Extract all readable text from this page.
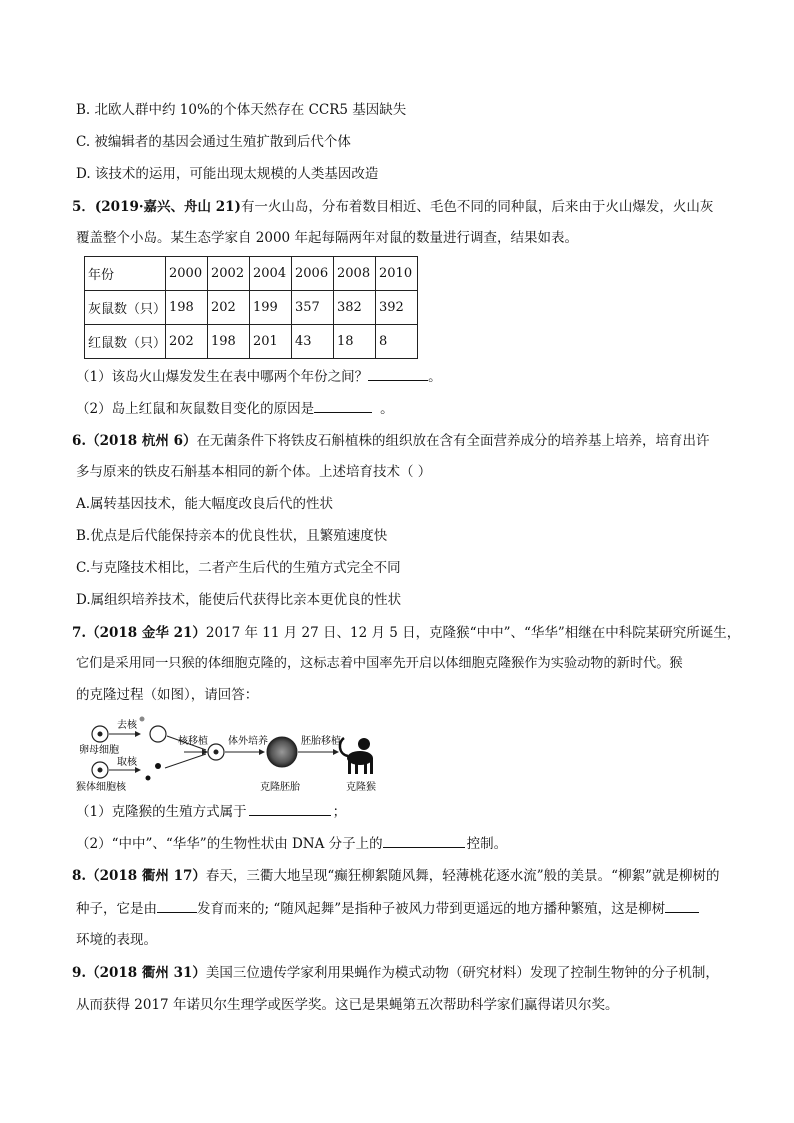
B. 北欧人群中约 10%的个体天然存在 CCR5 基因缺失
C. 被编辑者的基因会通过生殖扩散到后代个体
D. 该技术的运用，可能出现太规模的人类基因改造
5．(2019·嘉兴、舟山 21)有一火山岛，分布着数目相近、毛色不同的同种鼠，后来由于火山爆发，火山灰
覆盖整个小岛。某生态学家自 2000 年起每隔两年对鼠的数量进行调查，结果如表。
年份	2000	2002	2004	2006	2008	2010
灰鼠数（只）	198	202	199	357	382	392
红鼠数（只）	202	198	201	43	18	8
（1）该岛火山爆发发生在表中哪两个年份之间？	。
（2）岛上红鼠和灰鼠数目变化的原因是	。
6.（2018 杭州 6）在无菌条件下将铁皮石斛植株的组织放在含有全面营养成分的培养基上培养，培育出许
多与原来的铁皮石斛基本相同的新个体。上述培育技术（ ）
A.属转基因技术，能大幅度改良后代的性状
B.优点是后代能保持亲本的优良性状，且繁殖速度快
C.与克隆技术相比，二者产生后代的生殖方式完全不同
D.属组织培养技术，能使后代获得比亲本更优良的性状
7.（2018 金华 21）2017 年 11 月 27 日、12 月 5 日，克隆猴“中中”、“华华”相继在中科院某研究所诞生，
它们是采用同一只猴的体细胞克隆的，这标志着中国率先开启以体细胞克隆猴作为实验动物的新时代。猴
的克隆过程（如图），请回答：
去核
卵母细胞
取核
猴体细胞核
核移植 体外培养
克隆胚胎
胚胎移植
克隆猴
（1）克隆猴的生殖方式属于	；
（2）“中中”、“华华”的生物性状由 DNA 分子上的	控制。
8.（2018 衢州 17）春天，三衢大地呈现“癫狂柳絮随风舞，轻薄桃花逐水流”般的美景。“柳絮”就是柳树的
种子，它是由	发育而来的; “随风起舞”是指种子被风力带到更遥远的地方播种繁殖，这是柳树
环境的表现。
9.（2018 衢州 31）美国三位遗传学家利用果蝇作为模式动物（研究材料）发现了控制生物钟的分子机制，
从而获得 2017 年诺贝尔生理学或医学奖。这已是果蝇第五次帮助科学家们赢得诺贝尔奖。
